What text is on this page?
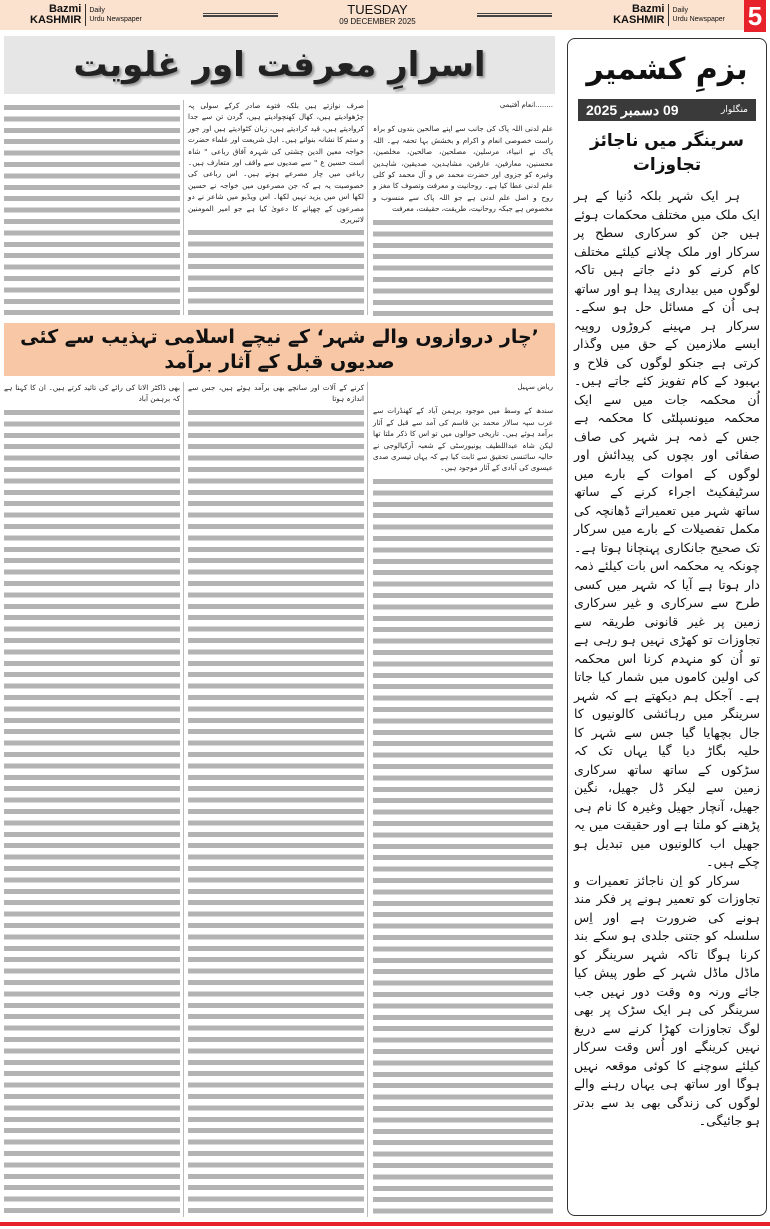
Bazmi
KASHMIR
Daily
Urdu Newspaper
TUESDAY
09 DECEMBER 2025
Bazmi
KASHMIR
Daily
Urdu Newspaper 5
اسرارِ معرفت اور غلویت
........انعام آفتیمی
علم لدنی اللہ پاک کی جانب سے اپنے صالحین بندوں کو براہ راست خصوصی انعام و اکرام و بخشش بہا تحفہ ہے۔ اللہ پاک نے انبیاء، مرسلین، مصلحین، صالحین، مخلصین، محسنین، معارفین، عارفین، مشاہدین، صدیقین، شاہدین وغیرہ کو جزوی اور حضرت محمد ص و آل محمد کو کلی علم لدنی عطا کیا ہے۔ روحانیت و معرفت وتصوف کا مغز و روح و اصل علم لدنی ہے جو اللہ پاک سے منسوب و مخصوص ہے جبکہ روحانیت، طریقت، حقیقت، معرفت
صرف نوازتے ہیں بلکہ فتوے صادر کرکے سولی پہ چڑھوادیتے ہیں، کھال کھنچوادیتے ہیں، گردن تن سے جدا کروادیتے ہیں، قید کرادیتے ہیں، زبان کٹوادیتے ہیں اور جور و ستم کا نشانہ بنواتے ہیں۔ اہل شریعت اور علماء حضرت خواجہ معین الدین چشتی کی شہرہ آفاق رباعی " شاہ است حسین ع " سے صدیوں سے واقف اور متعارف ہیں۔ رباعی میں چار مصرعے ہوتے ہیں۔ اس رباعی کی خصوصیت یہ ہے کہ جن مصرعوں میں خواجہ نے حسین لکھا اس میں یزید نہیں لکھا۔ اس ویڈیو میں شاعر نے دو مصرعوں کے چھپانے کا دعویٰ کیا ہے جو امیر المومنین لائبریری
’چار دروازوں والے شہر‘ کے نیچے اسلامی تہذیب سے کئی صدیوں قبل کے آثار برآمد
ریاض سہیل
سندھ کے وسط میں موجود برہمن آباد کے کھنڈرات سے عرب سپہ سالار محمد بن قاسم کی آمد سے قبل کے آثار برآمد ہوئے ہیں۔ تاریخی حوالوں میں تو اس کا ذکر ملتا تھا لیکن شاہ عبداللطیف یونیورسٹی کے شعبہ آرکیالوجی نے حالیہ سائنسی تحقیق سے ثابت کیا ہے کہ یہاں تیسری صدی عیسوی کی آبادی کے آثار موجود ہیں۔
کرنے کے آلات اور سانچے بھی برآمد ہوئے ہیں، جس سے اندازہ ہوتا
بھی ڈاکٹر الانا کی رائے کی تائید کرتے ہیں۔ ان کا کہنا ہے کہ برہمن آباد
بزمِ کشمیر
منگلوار
09 دسمبر 2025
سرینگر میں ناجائز تجاوزات

ہر ایک شہر بلکہ دُنیا کے ہر ایک ملک میں مختلف محکمات ہوئے ہیں جن کو سرکاری سطح پر سرکار اور ملک چلانے کیلئے مختلف کام کرنے کو دئے جاتے ہیں تاکہ لوگوں میں بیداری پیدا ہو اور ساتھ ہی اُن کے مسائل حل ہو سکے۔ سرکار ہر مہینے کروڑوں روپیہ ایسے ملازمین کے حق میں وگذار کرتی ہے جنکو لوگوں کی فلاح و بہبود کے کام تفویز کئے جاتے ہیں۔ اُن محکمہ جات میں سے ایک محکمہ میونسپلٹی کا محکمہ ہے جس کے ذمہ ہر شہر کی صاف صفائی اور بچوں کی پیدائش اور لوگوں کے اموات کے بارے میں سرٹیفکیٹ اجراء کرنے کے ساتھ ساتھ شہر میں تعمیراتے ڈھانچہ کی مکمل تفصیلات کے بارے میں سرکار تک صحیح جانکاری پہنچانا ہوتا ہے۔ چونکہ یہ محکمہ اس بات کیلئے ذمہ دار ہوتا ہے آیا کہ شہر میں کسی طرح سے سرکاری و غیر سرکاری زمین پر غیر قانونی طریقہ سے تجاوزات تو کھڑی نہیں ہو رہی ہے تو اُن کو منہدم کرنا اس محکمہ کی اولین کاموں میں شمار کیا جاتا ہے۔ آجکل ہم دیکھتے ہے کہ شہر سرینگر میں رہائشی کالونیوں کا جال بچھایا گیا جس سے شہر کا حلیہ بگاڑ دیا گیا یہاں تک کہ سڑکوں کے ساتھ ساتھ سرکاری زمین سے لیکر ڈل جھیل، نگین جھیل، آنچار جھیل وغیرہ کا نام ہی پڑھنے کو ملتا ہے اور حقیقت میں یہ جھیل اب کالونیوں میں تبدیل ہو چکے ہیں۔

سرکار کو اِن ناجائز تعمیرات و تجاوزات کو تعمیر ہونے پر فکر مند ہونے کی ضرورت ہے اور اِس سلسلہ کو جتنی جلدی ہو سکے بند کرنا ہوگا تاکہ شہر سرینگر کو ماڈل ماڈل شہر کے طور پیش کیا جائے ورنہ وہ وقت دور نہیں جب سرینگر کی ہر ایک سڑک پر بھی لوگ تجاوزات کھڑا کرنے سے دریغ نہیں کرینگے اور اُس وقت سرکار کیلئے سوچنے کا کوئی موقعہ نہیں ہوگا اور ساتھ ہی یہاں رہنے والے لوگوں کی زندگی بھی بد سے بدتر ہو جائیگی۔
